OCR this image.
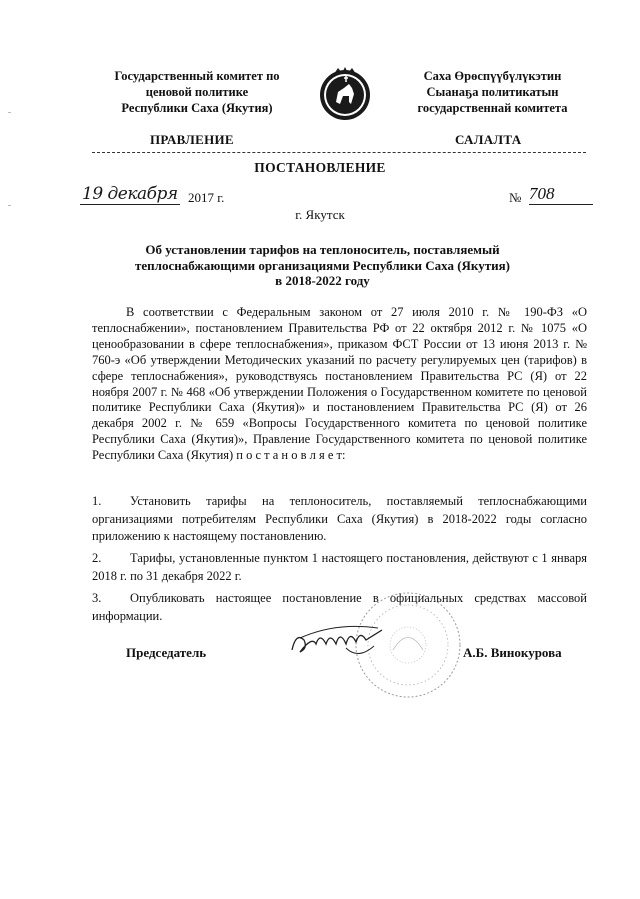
Государственный комитет по
ценовой политике
Республики Саха (Якутия)
Саха Өрөспүүбүлүкэтин
Сыанаҕа политикатын
государственнай комитета
ПРАВЛЕНИЕ	САЛАЛТА
ПОСТАНОВЛЕНИЕ
19 декабря 2017 г.	№ 708
г. Якутск
Об установлении тарифов на теплоноситель, поставляемый
теплоснабжающими организациями Республики Саха (Якутия)
в 2018-2022 году

В соответствии с Федеральным законом от 27 июля 2010 г. № 190-ФЗ «О теплоснабжении», постановлением Правительства РФ от 22 октября 2012 г. № 1075 «О ценообразовании в сфере теплоснабжения», приказом ФСТ России от 13 июня 2013 г. № 760-э «Об утверждении Методических указаний по расчету регулируемых цен (тарифов) в сфере теплоснабжения», руководствуясь постановлением Правительства РС (Я) от 22 ноября 2007 г. № 468 «Об утверждении Положения о Государственном комитете по ценовой политике Республики Саха (Якутия)» и постановлением Правительства РС (Я) от 26 декабря 2002 г. № 659 «Вопросы Государственного комитета по ценовой политике Республики Саха (Якутия)», Правление Государственного комитета по ценовой политике Республики Саха (Якутия) п о с т а н о в л я е т:

1.	Установить тарифы на теплоноситель, поставляемый теплоснабжающими организациями потребителям Республики Саха (Якутия) в 2018-2022 годы согласно приложению к настоящему постановлению.

2.	Тарифы, установленные пунктом 1 настоящего постановления, действуют с 1 января 2018 г. по 31 декабря 2022 г.

3.	Опубликовать настоящее постановление в официальных средствах массовой информации.

Председатель	А.Б. Винокурова
